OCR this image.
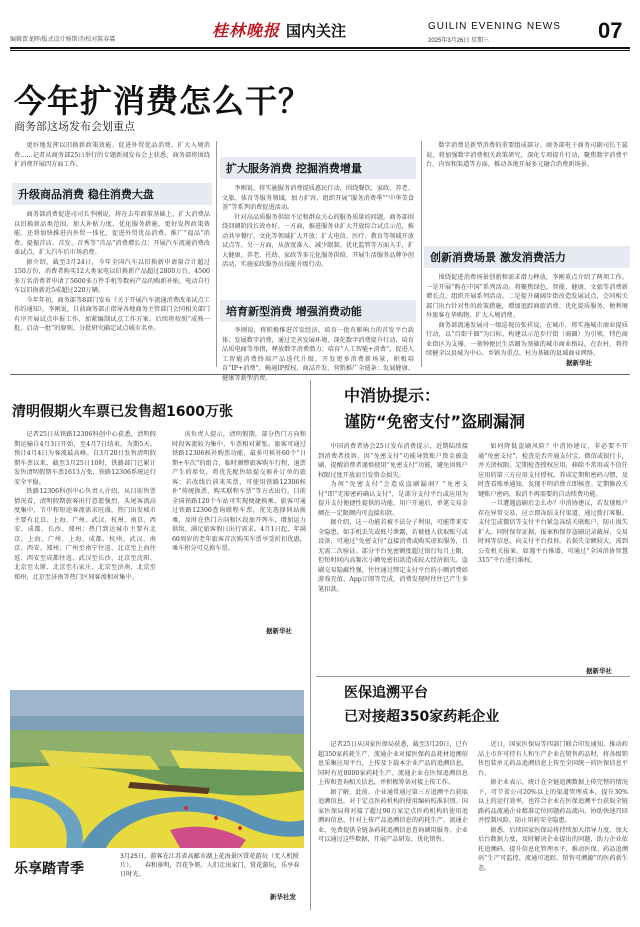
编辑曾龙晖/版式设计杨斯诗/校对陈春霖	桂林晚报 国内关注	GUILIN EVENING NEWS
2025年3月26日 星期三	07
今年扩消费怎么干？
商务部这场发布会划重点

更好地发挥以旧换新政策效能、促进外贸优品消费、扩大入境消费……记者从商务部25日举行的专题新闻发布会上获悉，商务部将围绕扩消费开展四方面工作。

升级商品消费 稳住消费大盘

商务部消费促进司司长李刚说，将在去年政策基础上，扩大消费品以旧换新品类范围，加大补贴力度，优化服务措施，更好发挥政策效能。还将加快推进内外贸一体化，促进外贸优品消费，推广“福品”消费。提振首店、首发、首秀等“首品”消费增长点；开展汽车流通消费改革试点，扩大汽车后市场消费。

据介绍，截至3月24日，今年全国汽车以旧换新申请量合计超过150万份，消费者购买12大类家电以旧换新产品超过2800万台，4500多万名消费者申请了5600多万件手机等数码产品的购新补贴，电动自行车以旧换新近5成超过220万辆。

今年年初，商务部等8部门发布《关于开展汽车流通消费改革试点工作的通知》。李刚说，目前商务部正指导各地商务主管部门会同相关部门有序开展试点申报工作，加紧编制试点工作方案。后续将按照“成熟一批、启动一批”的原则，分批研究确定试点城市名单。

扩大服务消费 挖掘消费增量

李刚说，将实施服务消费提质惠民行动，围绕餐饮、家政、养老、文旅、体育等服务领域，加力扩容，组织开展“服务消费季”“中华美食荟”等系列消费促进活动。

针对高品质服务供给不足和群众关心的服务质量的问题，商务部围绕回调阶段长效办好，一方面，推进服务业扩大开放综合试点示范，推动共享餐厅、文化等领域扩大开放；扩大电信、医疗、教育等领域开放试点等。另一方面，从放宽准入、减少限制、优化监管等方面入手，扩大健康、养老、托幼、家政等多元化服务供给，开展生活服务品牌争创活动，实施家政服务员技能升级行动。

培育新型消费 增强消费动能

李刚说，将积极推进首发经济，培育一批有影响力的首发平台载体；发展数字消费，通过完善发展环境、深化数字消费提升行动，培育品质电商等举措，释放数字消费潜力；培育“人工智能+消费”，促进人工智能消费终端产品迭代升级，开发更多消费新场景，积极培育“IP+消费”，畅通IP授权、商品开发、营销推广全链条；发展健康、健康等新型消费。

数字消费是新型消费的重要组成部分。商务部电子商务司副司长王蕊说，将加强数字消费相关政策研究，深化专项提升行动，聚焦数字消费平台、内容和渠道等方面，推动各地开展多元融合消费新场景。

创新消费场景 激发消费活力

围绕促进消费场景创新和需求潜力释放，李刚重点介绍了两项工作。一是开展“购在中国”系列活动。将聚焦绿色、智能、健康、文旅等消费新增长点，组织开展系列活动。二是提升阔阔步街改造发展试点，会同相关部门出台针对性的政策措施，增加追踪商旅消费、优化提质服务，便利境外旅客在华购物，扩大入境消费。

商务部流通发展司一级巡视员张祥说，在城市，将实施城市商业提质行动，以“百街千圈”为目标，构建以示范步行街（商圈）为引领，特色商业街区为支撑、一刻钟便民生活圈为基础的城市商业格局。在农村，将持续健全以县城为中心、乡镇为重点、村为基础的县域商业网络。

据新华社
清明假期火车票已发售超1600万张

记者25日从铁路12306科创中心获悉，清明假期运输自4月3日开始，至4月7日结束，为期5天。预计4月4日为客流最高峰。自3月20日发售清明假期车票以来，截至3月25日10时，铁路部门已累计发售清明假期车票1613万张，铁路12306系统运行安全平稳。

铁路12306科创中心负责人介绍，从目前售票情况看，清明假期旅客出行意愿强烈，头尾客流高度集中，节中和短途客流需求旺盛，热门出发城市主要有北京、上海、广州、武汉、杭州、南京、西安、成都、长沙、郑州；热门到达城市主要有北京、上海、广州、上海、成都、杭州、武汉、南京、西安、郑州；广州至南宁往返、北京至上海往返、西安至成都往返、武汉至长沙、北京至沈阳、北京至太原、北京至石家庄、北京至济南、北京至郑州、北京至济南等热门区间客流相对集中。

该负责人提示，清明假期，部分热门方向和时段客流较为集中，车票相对紧张。旅客可通过铁路12306候补购票功能，最多可候补60个“日期+车次”的组合，临时调整旅客购车行程，退票产生的席位，将优先配售给提交候补订单的旅客；若改线后前来买票，可使用铁路12306候补“传统换票、购买联程车票”等方式出行。目前全国铁路120个车站可实现便捷换乘，旅客可通过铁路12306查询联程车票，优先选择同站换乘，及时在热门方向和区段加开列车，增加运力供给，满足旅客假日出行需求。4月1日起，年满60周岁的老年旅客首次购买车票享受折扣优惠，乘车积分可兑换车票。

据新华社
乐享踏青季
3月25日，游客在江苏省高邮市湖上花海景区赏花游玩（无人机照片）。　　春和景明，百花争妍。人们走出家门，赏花游玩，乐享春日时光。
新华社发
中消协提示：
谨防“免密支付”盗刷漏洞

中国消费者协会25日发布消费提示，近期陆续接到消费者投诉，因“免密支付”功能导致账户资金被盗刷，提醒消费者谨慎使用“免密支付”功能，避免因账户权限过度开放而引发资金损失。

为何“免密支付”会造成盗刷漏洞？“免密支付”即“无需密码确认支付”，是部分支付平台或应用为提升支付便捷性提供的功能，用户开通后，单笔交易金额在一定限额内可直接扣款。

据介绍，这一功能若被不法分子利用，可能带来安全隐患。如手机丢失或账号泄露，若被他人获取账号或设备，可通过“免密支付”直接消费或购买虚拟服务，且无需二次验证。部分平台免密额度超过银行每月上限，但短时间内高频次小额免密扣款造成较大经济损失。盗刷交易隐蔽性强，往往通过绑定支付平台的小额消费如游戏充值、App订阅等完成，消费发现时往往已产生多笔扣款。

如何降低盗刷风险？中消协建议，非必要不开通“免密支付”，检查是否开通支付宝、微信或银行卡，并关闭权限。定期检查授权应用，移除不常用或不信任应用的第三方应用支付授权。养成定期和密码习惯，及时查看账单通知，发现不明消费立即核查。定期修改关键账户密码，取消不再需要的自动续费功能。

一旦遭遇盗刷后怎么办？中消协建议，若发现账户存在异常交易，应立即冻结支付渠道，通过拨打客服、支付宝或微信等支付平台紧急冻结关联账户，防止损失扩大。同时保存证据，报案和保存盗刷记录截屏，交易时间等信息，向支付平台投诉。若损失金额较大，需到公安机关报案。如遇平台推诿，可通过“全国消协智慧315”平台进行维权。

据新华社
医保追溯平台
已对接超350家药耗企业

记者25日从国家医保局获悉，截至3月20日，已有超350家药耗生产、流通企业对接医保药品耗材追溯信息采集应用平台，上传及下载本企业产品的追溯信息，同时有近8000家药耗生产、流通企业在医保追溯信息上传和查询相关信息，并积极筹备对接上传工作。

据了解，此前，企业通常通过第三方追溯平台获取追溯信息，对于定点医药机构的使用编码校准识别。国家医保局将对接了超过90万家定点医药机构的使用追溯码信息，针对上传产品追溯信息的药耗生产、流通企业，免费提供全链条药耗追溯信息查询调用服务。企业可以通过这些数据，开展产品研发、优化销售。

近日，国家医保局等四部门联合印发通知，推动药品上市许可持有人和生产企业在销售药品时，将各级销售包装单元药品追溯信息上传至全国统一的医保信息平台。

据企业表示，统计在全链追溯数据上传完整的情况下，可节省公司20%以上的渠道管理成本，提升30%以上的运行效率，也符合企业在医保追溯平台获取全链路药品流通企业精准定位问题药品流向，协助快速召回并控制风险，防止用药安全隐患。

据悉，后续国家医保局将持续加大指导力度，加大后台数据力度，及时解决企业提出的问题，助力企业依托追溯码，提升信息化管理水平，推动医保、药品追溯码“生产可监控、流通可追踪、销售可溯源”的医药新生态。
